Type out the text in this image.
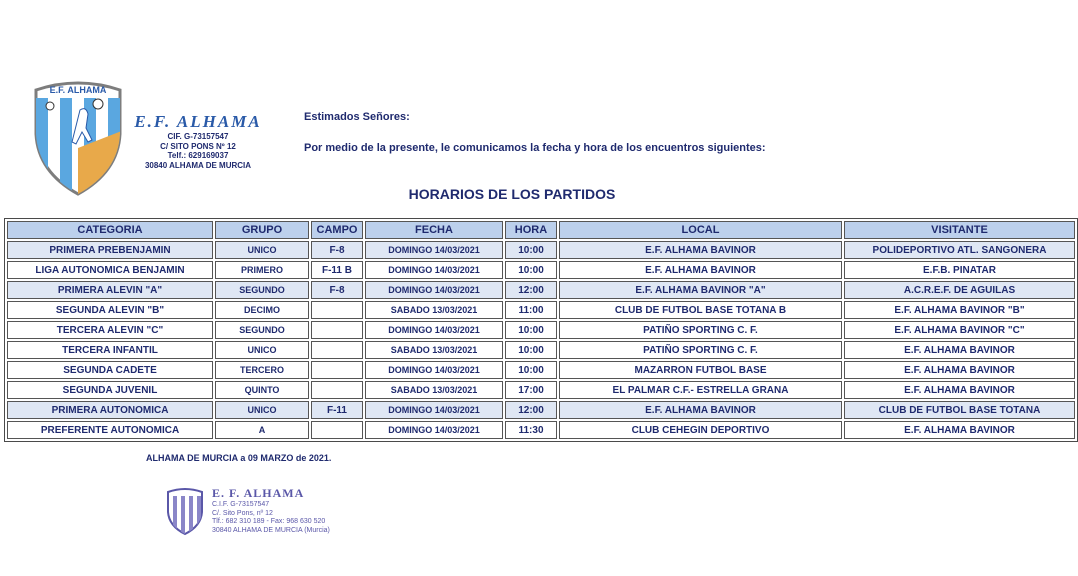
E.F. ALHAMA
E.F. ALHAMA
CIF. G-73157547
C/ SITO PONS Nº 12
Telf.: 629169037
30840 ALHAMA DE MURCIA
Estimados Señores:
Por medio de la presente, le comunicamos la fecha y hora de los encuentros siguientes:
HORARIOS DE LOS PARTIDOS
CATEGORIA	GRUPO	CAMPO	FECHA	HORA	LOCAL	VISITANTE
PRIMERA PREBENJAMIN	UNICO	F-8	DOMINGO 14/03/2021	10:00	E.F. ALHAMA BAVINOR	POLIDEPORTIVO ATL. SANGONERA
LIGA AUTONOMICA BENJAMIN	PRIMERO	F-11 B	DOMINGO 14/03/2021	10:00	E.F. ALHAMA BAVINOR	E.F.B. PINATAR
PRIMERA ALEVIN "A"	SEGUNDO	F-8	DOMINGO 14/03/2021	12:00	E.F. ALHAMA BAVINOR "A"	A.C.R.E.F. DE AGUILAS
SEGUNDA ALEVIN "B"	DECIMO		SABADO 13/03/2021	11:00	CLUB DE FUTBOL BASE TOTANA B	E.F. ALHAMA BAVINOR "B"
TERCERA ALEVIN "C"	SEGUNDO		DOMINGO 14/03/2021	10:00	PATIÑO SPORTING C. F.	E.F. ALHAMA BAVINOR "C"
TERCERA INFANTIL	UNICO		SABADO 13/03/2021	10:00	PATIÑO SPORTING C. F.	E.F. ALHAMA BAVINOR
SEGUNDA CADETE	TERCERO		DOMINGO 14/03/2021	10:00	MAZARRON FUTBOL BASE	E.F. ALHAMA BAVINOR
SEGUNDA JUVENIL	QUINTO		SABADO 13/03/2021	17:00	EL PALMAR C.F.- ESTRELLA GRANA	E.F. ALHAMA BAVINOR
PRIMERA AUTONOMICA	UNICO	F-11	DOMINGO 14/03/2021	12:00	E.F. ALHAMA BAVINOR	CLUB DE FUTBOL BASE TOTANA
PREFERENTE AUTONOMICA	A		DOMINGO 14/03/2021	11:30	CLUB CEHEGIN DEPORTIVO	E.F. ALHAMA BAVINOR
ALHAMA DE MURCIA a 09 MARZO de 2021.
E. F. ALHAMA
C.I.F. G-73157547
C/. Sito Pons, nº 12
Tlf.: 682 310 189 - Fax: 968 630 520
30840 ALHAMA DE MURCIA (Murcia)
